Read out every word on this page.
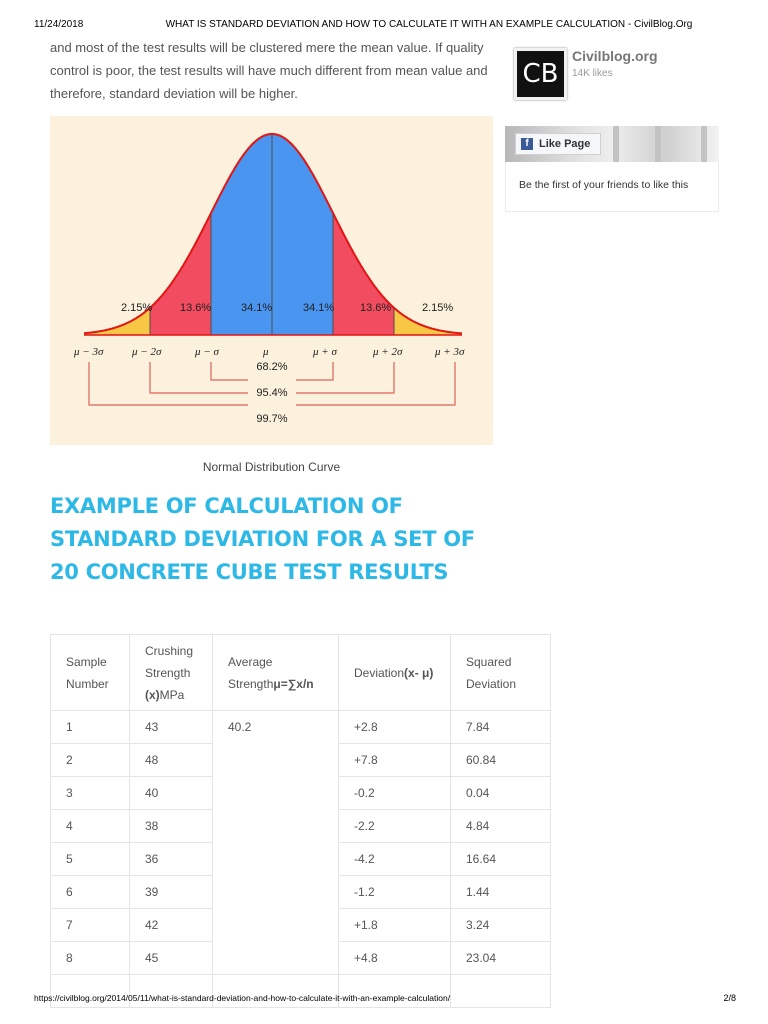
11/24/2018	WHAT IS STANDARD DEVIATION AND HOW TO CALCULATE IT WITH AN EXAMPLE CALCULATION - CivilBlog.Org

and most of the test results will be clustered mere the mean value. If quality control is poor, the test results will have much different from mean value and therefore, standard deviation will be higher.

2.15%	13.6%	34.1%	34.1% 13.6%	2.15%
μ − 3σ	μ − 2σ	μ − σ	μ	μ + σ	μ + 2σ	μ + 3σ
68.2%
95.4%
99.7%
Normal Distribution Curve
EXAMPLE OF CALCULATION OF STANDARD DEVIATION FOR A SET OF 20 CONCRETE CUBE TEST RESULTS
Sample Number	Crushing Strength (x)MPa	Average Strengthμ=∑x/n	Deviation(x- μ)	Squared Deviation
1	43	40.2	+2.8	7.84
2	48		+7.8	60.84
3	40		-0.2	0.04
4	38		-2.2	4.84
5	36		-4.2	16.64
6	39		-1.2	1.44
7	42		+1.8	3.24
8	45		+4.8	23.04

CB
Civilblog.org
14K likes
f Like Page
Be the first of your friends to like this
https://civilblog.org/2014/05/11/what-is-standard-deviation-and-how-to-calculate-it-with-an-example-calculation/	2/8
